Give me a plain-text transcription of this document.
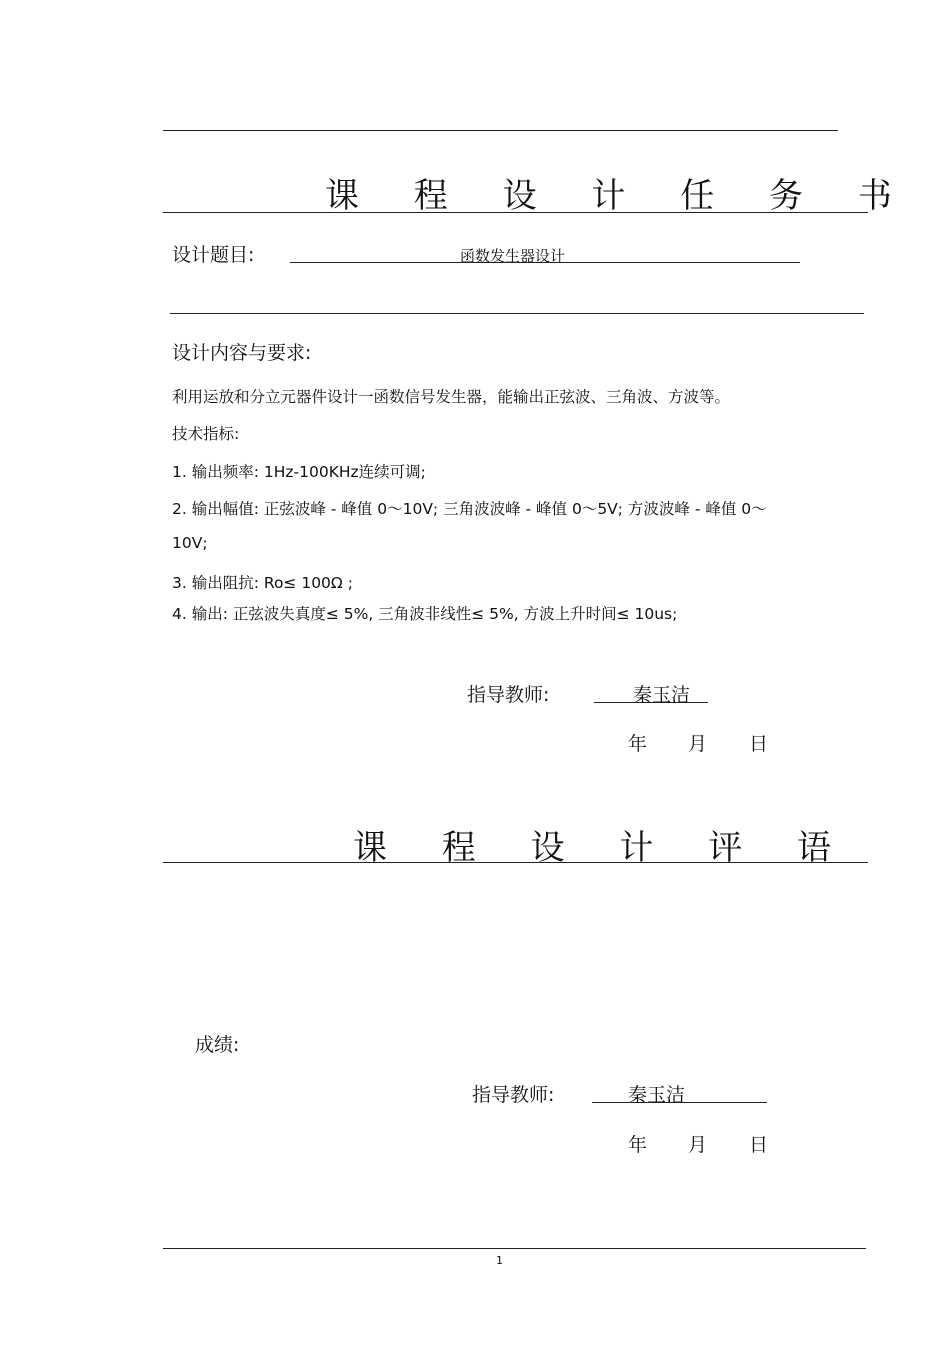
课 程 设 计 任 务 书
设计题目:	函数发生器设计
设计内容与要求:
利用运放和分立元器件设计一函数信号发生器，能输出正弦波、三角波、方波等。
技术指标:
1. 输出频率: 1Hz-100KHz连续可调;
2. 输出幅值: 正弦波峰 - 峰值 0～10V; 三角波波峰 - 峰值 0～5V; 方波波峰 - 峰值 0～
10V;
3. 输出阻抗: Ro≤ 100Ω ;
4. 输出: 正弦波失真度≤ 5%, 三角波非线性≤ 5%, 方波上升时间≤ 10us;
指导教师:	秦玉洁
年 月 日
课 程 设 计 评 语
成绩:
指导教师:	秦玉洁
年 月 日
1
